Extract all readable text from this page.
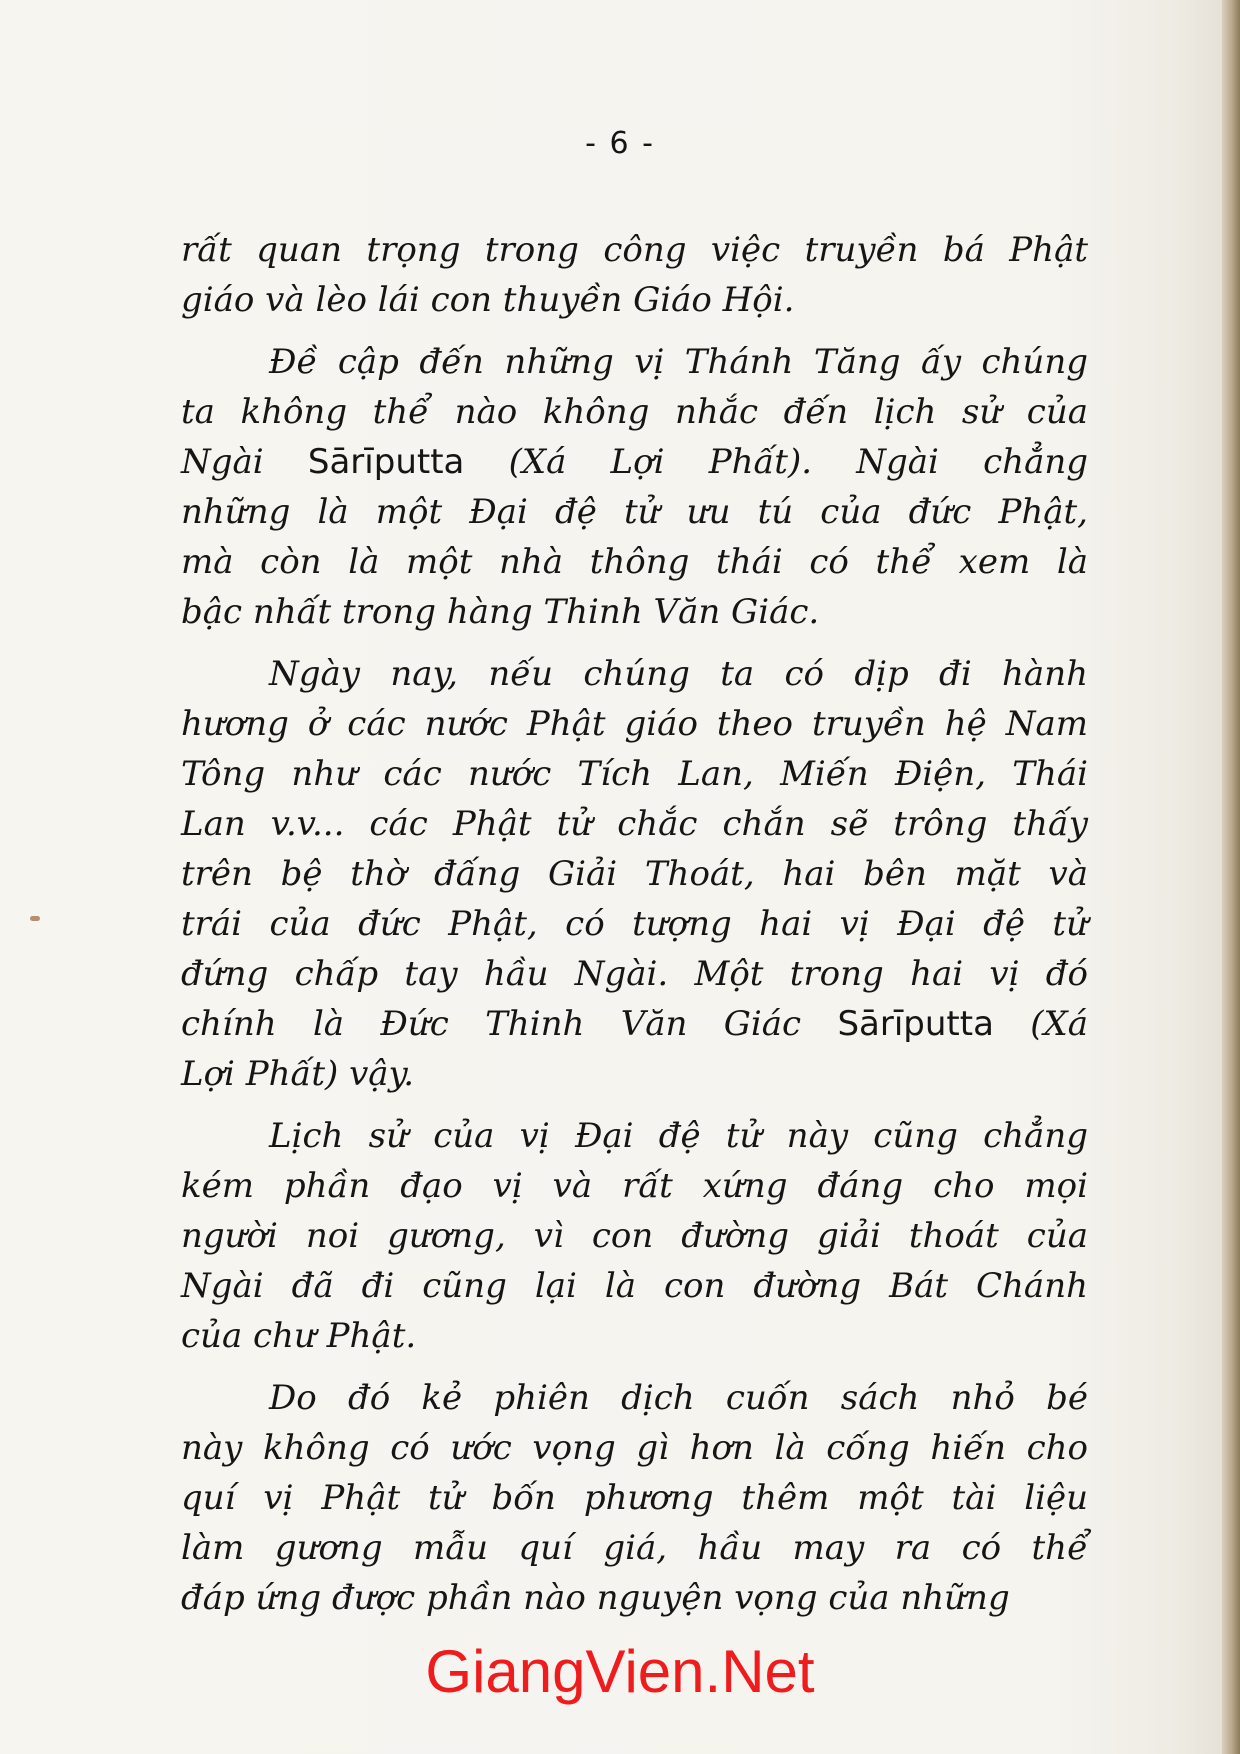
- 6 -
rất quan trọng trong công việc truyền bá Phật
giáo và lèo lái con thuyền Giáo Hội.
Đề cập đến những vị Thánh Tăng ấy chúng
ta không thể nào không nhắc đến lịch sử của
Ngài Sārīputta (Xá Lợi Phất). Ngài chẳng
những là một Đại đệ tử ưu tú của đức Phật,
mà còn là một nhà thông thái có thể xem là
bậc nhất trong hàng Thinh Văn Giác.
Ngày nay, nếu chúng ta có dịp đi hành
hương ở các nước Phật giáo theo truyền hệ Nam
Tông như các nước Tích Lan, Miến Điện, Thái
Lan v.v... các Phật tử chắc chắn sẽ trông thấy
trên bệ thờ đấng Giải Thoát, hai bên mặt và
trái của đức Phật, có tượng hai vị Đại đệ tử
đứng chấp tay hầu Ngài. Một trong hai vị đó
chính là Đức Thinh Văn Giác Sārīputta (Xá
Lợi Phất) vậy.
Lịch sử của vị Đại đệ tử này cũng chẳng
kém phần đạo vị và rất xứng đáng cho mọi
người noi gương, vì con đường giải thoát của
Ngài đã đi cũng lại là con đường Bát Chánh
của chư Phật.
Do đó kẻ phiên dịch cuốn sách nhỏ bé
này không có ước vọng gì hơn là cống hiến cho
quí vị Phật tử bốn phương thêm một tài liệu
làm gương mẫu quí giá, hầu may ra có thể
đáp ứng được phần nào nguyện vọng của những
GiangVien.Net
